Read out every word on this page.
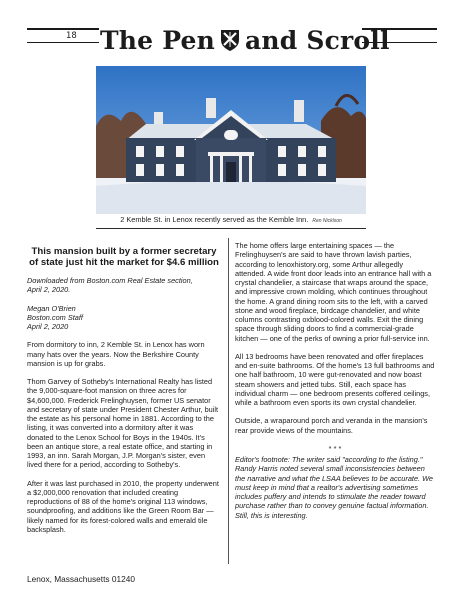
18 The Pen and Scroll
2 Kemble St. in Lenox recently served as the Kemble Inn. Ren Nicklson
This mansion built by a former secretary of state just hit the market for $4.6 million

Downloaded from Boston.com Real Estate section,
April 2, 2020.

Megan O'Brien
Boston.com Staff
April 2, 2020

From dormitory to inn, 2 Kemble St. in Lenox has worn many hats over the years. Now the Berkshire County mansion is up for grabs.

Thom Garvey of Sotheby's International Realty has listed the 9,000-square-foot mansion on three acres for $4,600,000. Frederick Frelinghuysen, former US senator and secretary of state under President Chester Arthur, built the estate as his personal home in 1881. According to the listing, it was converted into a dormitory after it was donated to the Lenox School for Boys in the 1940s. It's been an antique store, a real estate office, and starting in 1993, an inn. Sarah Morgan, J.P. Morgan's sister, even lived there for a period, according to Sotheby's.

After it was last purchased in 2010, the property underwent a $2,000,000 renovation that included creating reproductions of 88 of the home's original 113 windows, soundproofing, and additions like the Green Room Bar — likely named for its forest-colored walls and emerald tile backsplash.

The home offers large entertaining spaces — the Frelinghuysen's are said to have thrown lavish parties, according to lenoxhistory.org, some Arthur allegedly attended. A wide front door leads into an entrance hall with a crystal chandelier, a staircase that wraps around the space, and impressive crown molding, which continues throughout the home. A grand dining room sits to the left, with a carved stone and wood fireplace, birdcage chandelier, and white columns contrasting oxblood-colored walls. Exit the dining space through sliding doors to find a commercial-grade kitchen — one of the perks of owning a prior full-service inn.

All 13 bedrooms have been renovated and offer fireplaces and en-suite bathrooms. Of the home's 13 full bathrooms and one half bathroom, 10 were gut-renovated and now boast steam showers and jetted tubs. Still, each space has individual charm — one bedroom presents coffered ceilings, while a bathroom even sports its own crystal chandelier.

Outside, a wraparound porch and veranda in the mansion's rear provide views of the mountains.

* * *

Editor's footnote: The writer said "according to the listing." Randy Harris noted several small inconsistencies between the narrative and what the LSAA believes to be accurate. We must keep in mind that a realtor's advertising sometimes includes puffery and intends to stimulate the reader toward purchase rather than to convey genuine factual information. Still, this is interesting.

Lenox, Massachusetts 01240
